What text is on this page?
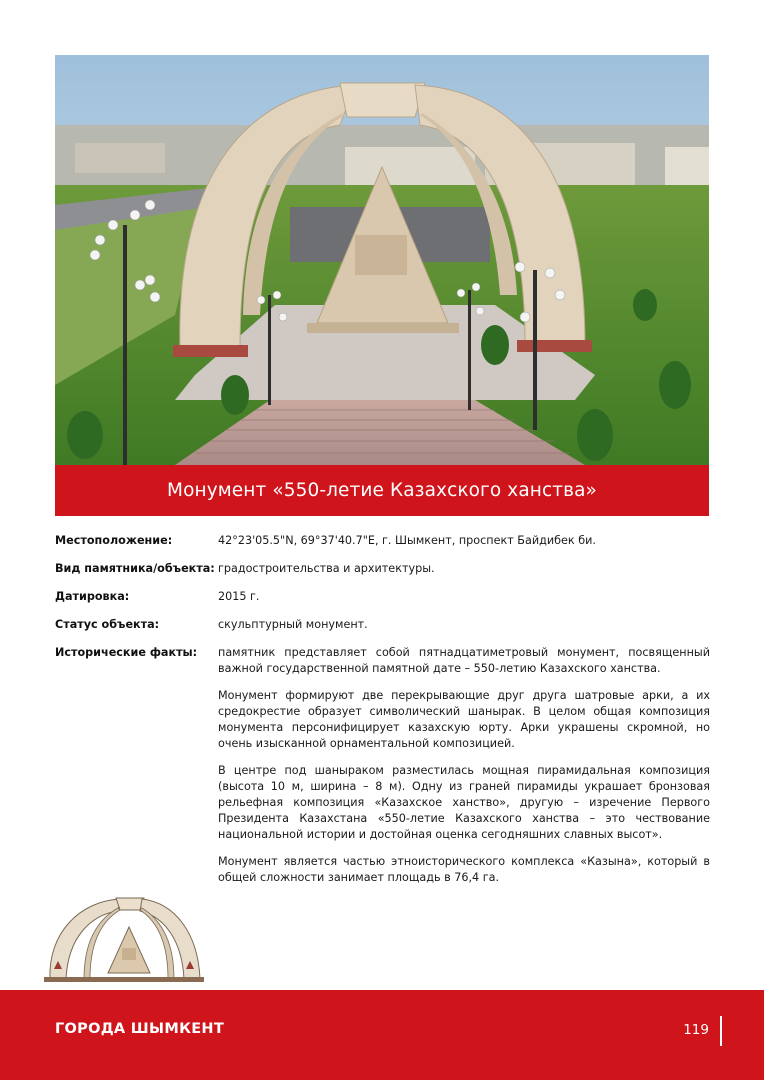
Монумент «550-летие Казахского ханства»
Местоположение:	42°23'05.5"N, 69°37'40.7"E, г. Шымкент, проспект Байдибек би.
Вид памятника/объекта: градостроительства и архитектуры.
Датировка:	2015 г.
Статус объекта:	скульптурный монумент.
Исторические факты:	памятник представляет собой пятнадцатиметровый монумент, посвященный важной государственной памятной дате – 550-летию Казахского ханства.

Монумент формируют две перекрывающие друг друга шатровые арки, а их средокрестие образует символический шанырак. В целом общая композиция монумента персонифицирует казахскую юрту. Арки украшены скромной, но очень изысканной орнаментальной композицией.

В центре под шаныраком разместилась мощная пирамидальная композиция (высота 10 м, ширина – 8 м). Одну из граней пирамиды украшает бронзовая рельефная композиция «Казахское ханство», другую – изречение Первого Президента Казахстана «550-летие Казахского ханства – это чествование национальной истории и достойная оценка сегодняшних славных высот».

Монумент является частью этноисторического комплекса «Казына», который в общей сложности занимает площадь в 76,4 га.

ГОРОДА ШЫМКЕНТ	119
